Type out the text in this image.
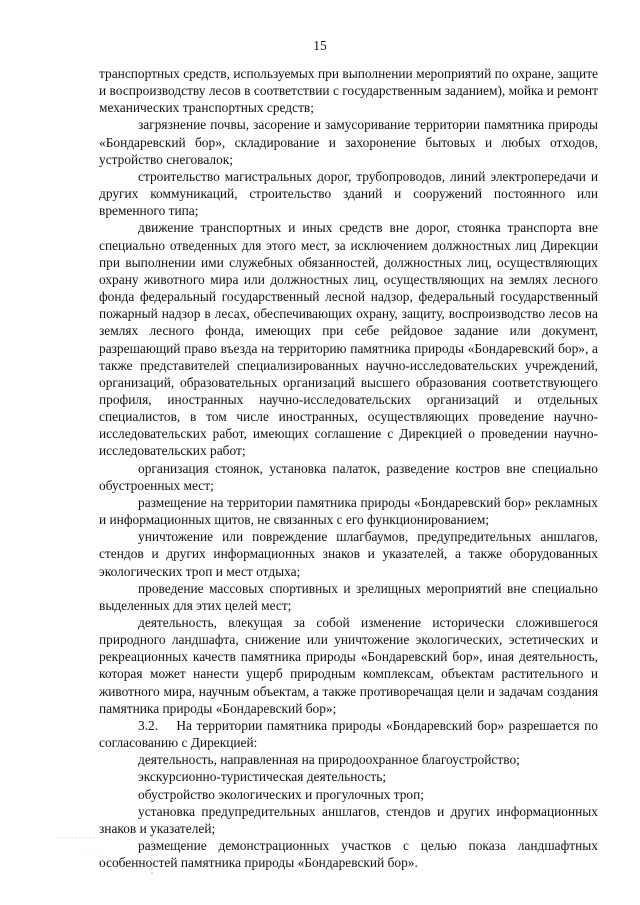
15

транспортных средств, используемых при выполнении мероприятий по охране, защите и воспроизводству лесов в соответствии с государственным заданием), мойка и ремонт механических транспортных средств;

загрязнение почвы, засорение и замусоривание территории памятника природы «Бондаревский бор», складирование и захоронение бытовых и любых отходов, устройство снеговалок;

строительство магистральных дорог, трубопроводов, линий электропередачи и других коммуникаций, строительство зданий и сооружений постоянного или временного типа;

движение транспортных и иных средств вне дорог, стоянка транспорта вне специально отведенных для этого мест, за исключением должностных лиц Дирекции при выполнении ими служебных обязанностей, должностных лиц, осуществляющих охрану животного мира или должностных лиц, осуществляющих на землях лесного фонда федеральный государственный лесной надзор, федеральный государственный пожарный надзор в лесах, обеспечивающих охрану, защиту, воспроизводство лесов на землях лесного фонда, имеющих при себе рейдовое задание или документ, разрешающий право въезда на территорию памятника природы «Бондаревский бор», а также представителей специализированных научно-исследовательских учреждений, организаций, образовательных организаций высшего образования соответствующего профиля, иностранных научно-исследовательских организаций и отдельных специалистов, в том числе иностранных, осуществляющих проведение научно-исследовательских работ, имеющих соглашение с Дирекцией о проведении научно-исследовательских работ;

организация стоянок, установка палаток, разведение костров вне специально обустроенных мест;

размещение на территории памятника природы «Бондаревский бор» рекламных и информационных щитов, не связанных с его функционированием;

уничтожение или повреждение шлагбаумов, предупредительных аншлагов, стендов и других информационных знаков и указателей, а также оборудованных экологических троп и мест отдыха;

проведение массовых спортивных и зрелищных мероприятий вне специально выделенных для этих целей мест;

деятельность, влекущая за собой изменение исторически сложившегося природного ландшафта, снижение или уничтожение экологических, эстетических и рекреационных качеств памятника природы «Бондаревский бор», иная деятельность, которая может нанести ущерб природным комплексам, объектам растительного и животного мира, научным объектам, а также противоречащая цели и задачам создания памятника природы «Бондаревский бор»;

3.2.    На территории памятника природы «Бондаревский бор» разрешается по согласованию с Дирекцией:

деятельность, направленная на природоохранное благоустройство;

экскурсионно-туристическая деятельность;

обустройство экологических и прогулочных троп;

установка предупредительных аншлагов, стендов и других информационных знаков и указателей;

размещение демонстрационных участков с целью показа ландшафтных особенностей памятника природы «Бондаревский бор».
